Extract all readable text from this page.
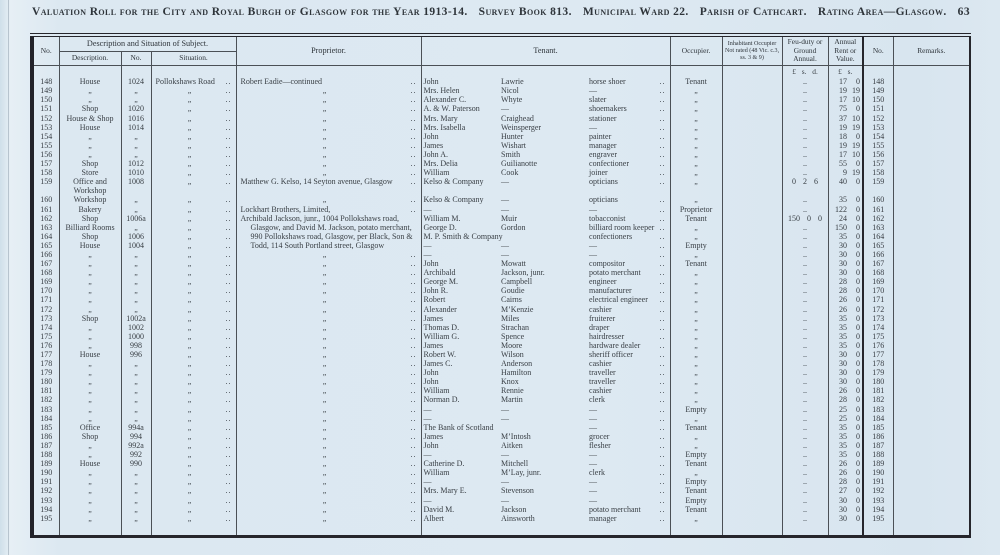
Valuation Roll for the City and Royal Burgh of Glasgow for the Year 1913-14. Survey Book 813. Municipal Ward 22. Parish of Cathcart. Rating Area—Glasgow. 63
No.	Description and Situation of Subject.			Proprietor.	Tenant.			Occupier.	Inhabitant Occupier Not rated (48 Vic. c.3, ss. 3 & 9)	Feu-duty or Ground Annual.	Annual Rent or Value.	No.	Remarks.
	Description.	No.	Situation.										
										£ s. d.	£ s.		
148	House	1024	Pollokshaws Road ..	Robert Eadie—continued ..	John	Lawrie	horse shoer ..	Tenant		..	17 0	148	
149	„	„	„ ..	„ ..	Mrs. Helen	Nicol	— ..	„		..	19 19	149	
150	„	„	„ ..	„ ..	Alexander C.	Whyte	slater ..	„		..	17 10	150	
151	Shop	1020	„ ..	„ ..	A. & W. Paterson	—	shoemakers ..	„		..	75 0	151	
152	House & Shop	1016	„ ..	„ ..	Mrs. Mary	Craighead	stationer ..	„		..	37 10	152	
153	House	1014	„ ..	„ ..	Mrs. Isabella	Weinsperger	— ..	„		..	19 19	153	
154	„	„	„ ..	„ ..	John	Hunter	painter ..	„		..	18 0	154	
155	„	„	„ ..	„ ..	James	Wishart	manager ..	„		..	19 19	155	
156	„	„	„ ..	„ ..	John A.	Smith	engraver ..	„		..	17 10	156	
157	Shop	1012	„ ..	„ ..	Mrs. Delia	Guilianotte	confectioner ..	„		..	55 0	157	
158	Store	1010	„ ..	„ ..	William	Cook	joiner ..	„		..	9 19	158	
159	Office and Workshop	1008	„ ..	Matthew G. Kelso, 14 Seyton avenue, Glasgow ..	Kelso & Company	—	opticians ..	„		0 2 6	40 0	159	
160	Workshop	„	„ ..	„ ..	Kelso & Company	—	opticians ..	„		..	35 0	160	
161	Bakery	„	„ ..	Lockhart Brothers, Limited, ..	—	—	— ..	Proprietor		..	122 0	161	
162	Shop	1006a	„ ..	Archibald Jackson, junr., 1004 Pollokshaws road, Glasgow, and David M. Jackson, potato merchant, 990 Pollokshaws road, Glasgow, per Black, Son & Todd, 114 South Portland street, Glasgow	William M.	Muir	tobacconist ..	Tenant		150 0 0	24 0	162	
163	Billiard Rooms	„	„ ..		George D.	Gordon	billiard room keeper ..	„		..	150 0	163	
164	Shop	1006	„ ..		M. P. Smith & Company		confectioners ..	„		..	35 0	164	
165	House	1004	„ ..		—	—	— ..	Empty		..	30 0	165	
166	„	„	„ ..	„ ..	—	—	— ..	„		..	30 0	166	
167	„	„	„ ..	„ ..	John	Mowatt	compositor ..	Tenant		..	30 0	167	
168	„	„	„ ..	„ ..	Archibald	Jackson, junr.	potato merchant ..	„		..	30 0	168	
169	„	„	„ ..	„ ..	George M.	Campbell	engineer ..	„		..	28 0	169	
170	„	„	„ ..	„ ..	John R.	Goudie	manufacturer ..	„		..	28 0	170	
171	„	„	„ ..	„ ..	Robert	Cairns	electrical engineer ..	„		..	26 0	171	
172	„	„	„ ..	„ ..	Alexander	M’Kenzie	cashier ..	„		..	26 0	172	
173	Shop	1002a	„ ..	„ ..	James	Miles	fruiterer ..	„		..	35 0	173	
174	„	1002	„ ..	„ ..	Thomas D.	Strachan	draper ..	„		..	35 0	174	
175	„	1000	„ ..	„ ..	William G.	Spence	hairdresser ..	„		..	35 0	175	
176	„	998	„ ..	„ ..	James	Moore	hardware dealer ..	„		..	35 0	176	
177	House	996	„ ..	„ ..	Robert W.	Wilson	sheriff officer ..	„		..	30 0	177	
178	„	„	„ ..	„ ..	James C.	Anderson	cashier ..	„		..	30 0	178	
179	„	„	„ ..	„ ..	John	Hamilton	traveller ..	„		..	30 0	179	
180	„	„	„ ..	„ ..	John	Knox	traveller ..	„		..	30 0	180	
181	„	„	„ ..	„ ..	William	Rennie	cashier ..	„		..	26 0	181	
182	„	„	„ ..	„ ..	Norman D.	Martin	clerk ..	„		..	28 0	182	
183	„	„	„ ..	„ ..	—	—	— ..	Empty		..	25 0	183	
184	„	„	„ ..	„ ..	—	—	— ..	„		..	25 0	184	
185	Office	994a	„ ..	„ ..	The Bank of Scotland		— ..	Tenant		..	35 0	185	
186	Shop	994	„ ..	„ ..	James	M’Intosh	grocer ..	„		..	35 0	186	
187	„	992a	„ ..	„ ..	John	Aitken	flesher ..	„		..	35 0	187	
188	„	992	„ ..	„ ..	—	—	— ..	Empty		..	35 0	188	
189	House	990	„ ..	„ ..	Catherine D.	Mitchell	— ..	Tenant		..	26 0	189	
190	„	„	„ ..	„ ..	William	M’Lay, junr.	clerk ..	„		..	26 0	190	
191	„	„	„ ..	„ ..	—	—	— ..	Empty		..	28 0	191	
192	„	„	„ ..	„ ..	Mrs. Mary E.	Stevenson	— ..	Tenant		..	27 0	192	
193	„	„	„ ..	„ ..	—	—	— ..	Empty		..	30 0	193	
194	„	„	„ ..	„ ..	David M.	Jackson	potato merchant ..	Tenant		..	30 0	194	
195	„	„	„ ..	„ ..	Albert	Ainsworth	manager ..	„		..	30 0	195	
